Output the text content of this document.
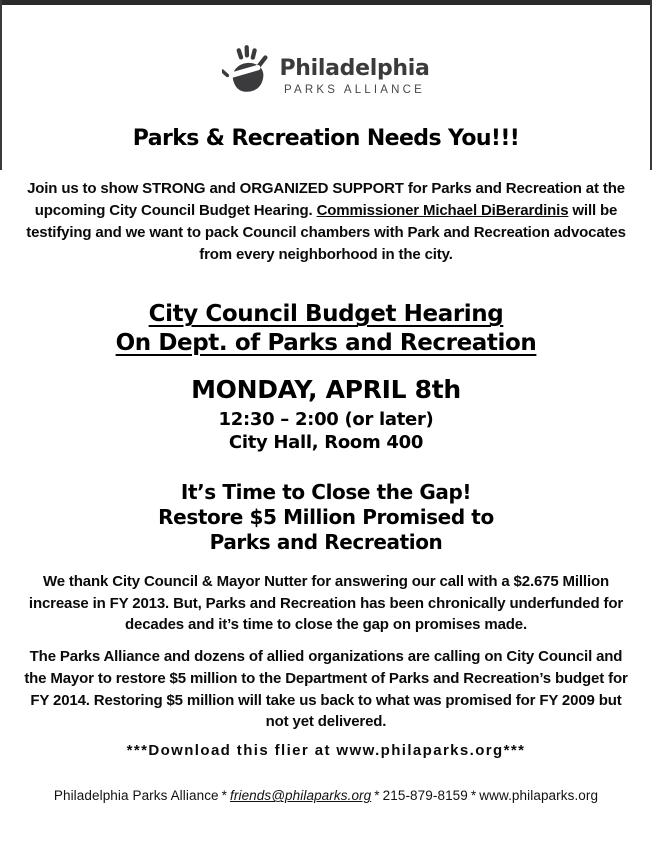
Philadelphia
PARKS ALLIANCE
Parks & Recreation Needs You!!!

Join us to show STRONG and ORGANIZED SUPPORT for Parks and Recreation at the upcoming City Council Budget Hearing. Commissioner Michael DiBerardinis will be testifying and we want to pack Council chambers with Park and Recreation advocates from every neighborhood in the city.

City Council Budget Hearing
On Dept. of Parks and Recreation
MONDAY, APRIL 8th
12:30 – 2:00 (or later)
City Hall, Room 400
It’s Time to Close the Gap!
Restore $5 Million Promised to
Parks and Recreation

We thank City Council & Mayor Nutter for answering our call with a $2.675 Million increase in FY 2013. But, Parks and Recreation has been chronically underfunded for decades and it’s time to close the gap on promises made.

The Parks Alliance and dozens of allied organizations are calling on City Council and the Mayor to restore $5 million to the Department of Parks and Recreation’s budget for FY 2014. Restoring $5 million will take us back to what was promised for FY 2009 but not yet delivered.

***Download this flier at www.philaparks.org***
Philadelphia Parks Alliance * friends@philaparks.org * 215-879-8159 * www.philaparks.org
